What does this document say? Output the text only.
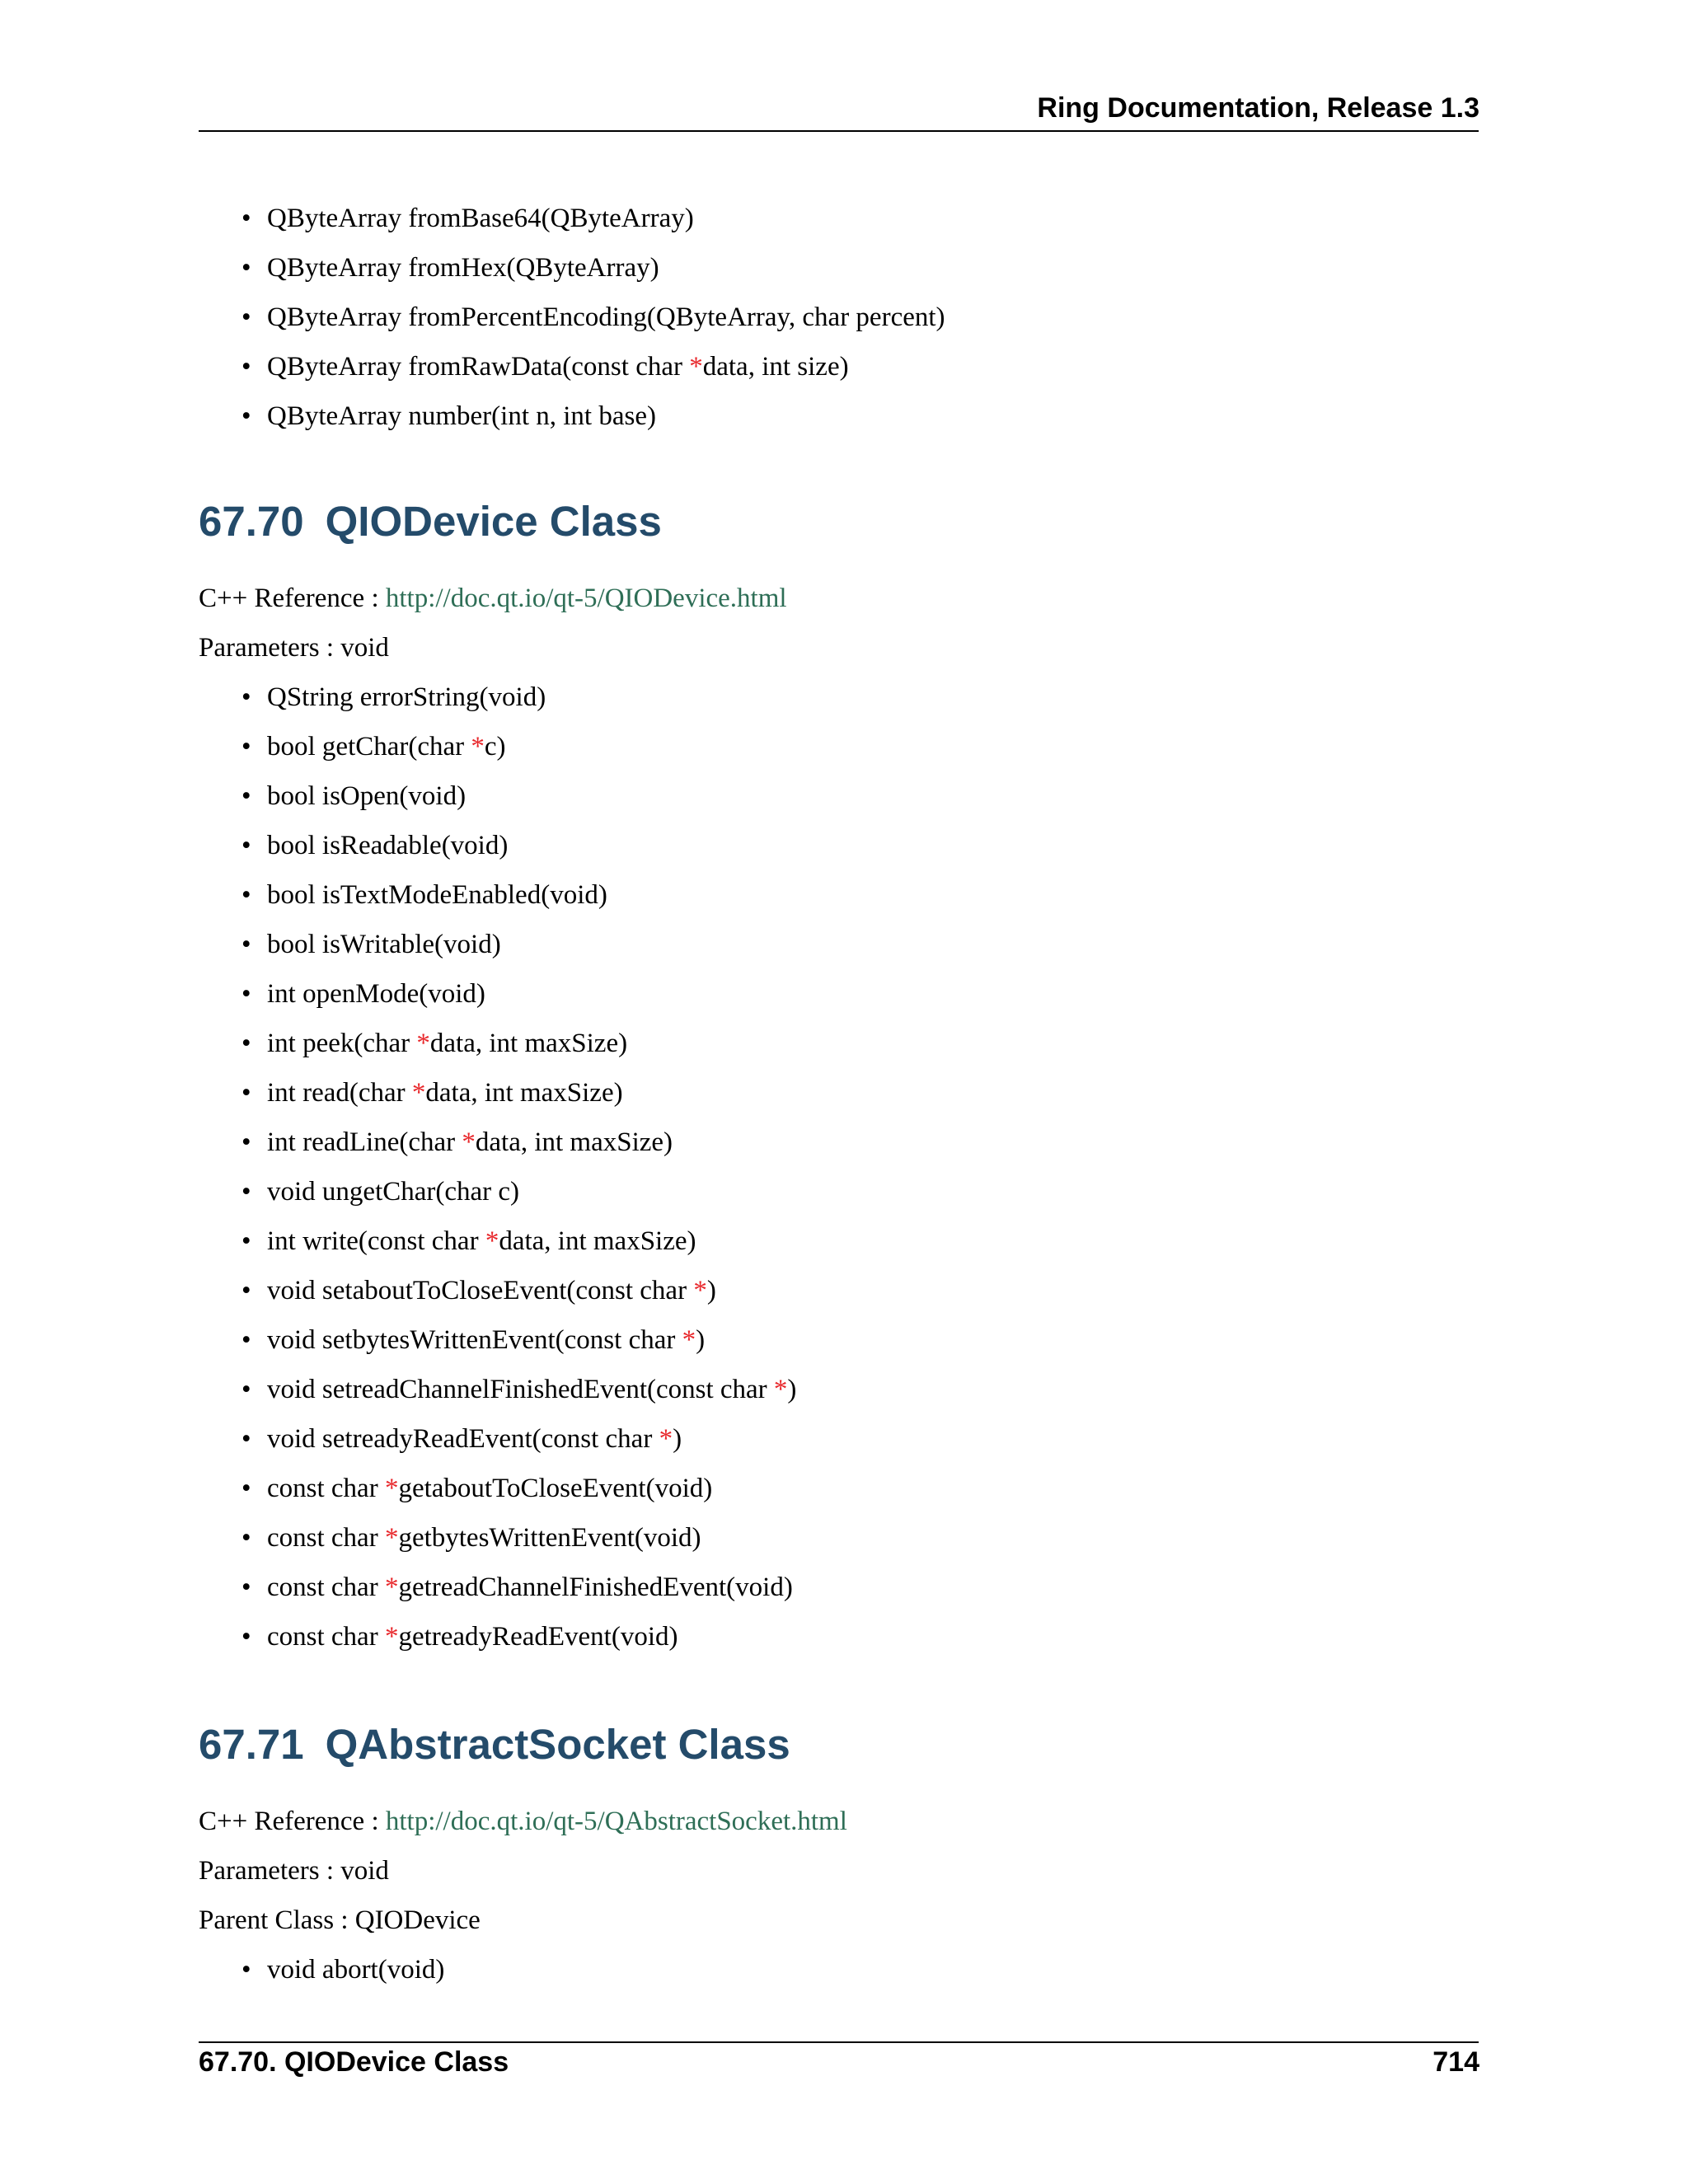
Ring Documentation, Release 1.3
• QByteArray fromBase64(QByteArray)
• QByteArray fromHex(QByteArray)
• QByteArray fromPercentEncoding(QByteArray, char percent)
• QByteArray fromRawData(const char *data, int size)
• QByteArray number(int n, int base)
67.70 QIODevice Class
C++ Reference : http://doc.qt.io/qt-5/QIODevice.html
Parameters : void
• QString errorString(void)
• bool getChar(char *c)
• bool isOpen(void)
• bool isReadable(void)
• bool isTextModeEnabled(void)
• bool isWritable(void)
• int openMode(void)
• int peek(char *data, int maxSize)
• int read(char *data, int maxSize)
• int readLine(char *data, int maxSize)
• void ungetChar(char c)
• int write(const char *data, int maxSize)
• void setaboutToCloseEvent(const char *)
• void setbytesWrittenEvent(const char *)
• void setreadChannelFinishedEvent(const char *)
• void setreadyReadEvent(const char *)
• const char *getaboutToCloseEvent(void)
• const char *getbytesWrittenEvent(void)
• const char *getreadChannelFinishedEvent(void)
• const char *getreadyReadEvent(void)
67.71 QAbstractSocket Class
C++ Reference : http://doc.qt.io/qt-5/QAbstractSocket.html
Parameters : void
Parent Class : QIODevice
• void abort(void)
67.70. QIODevice Class	714
